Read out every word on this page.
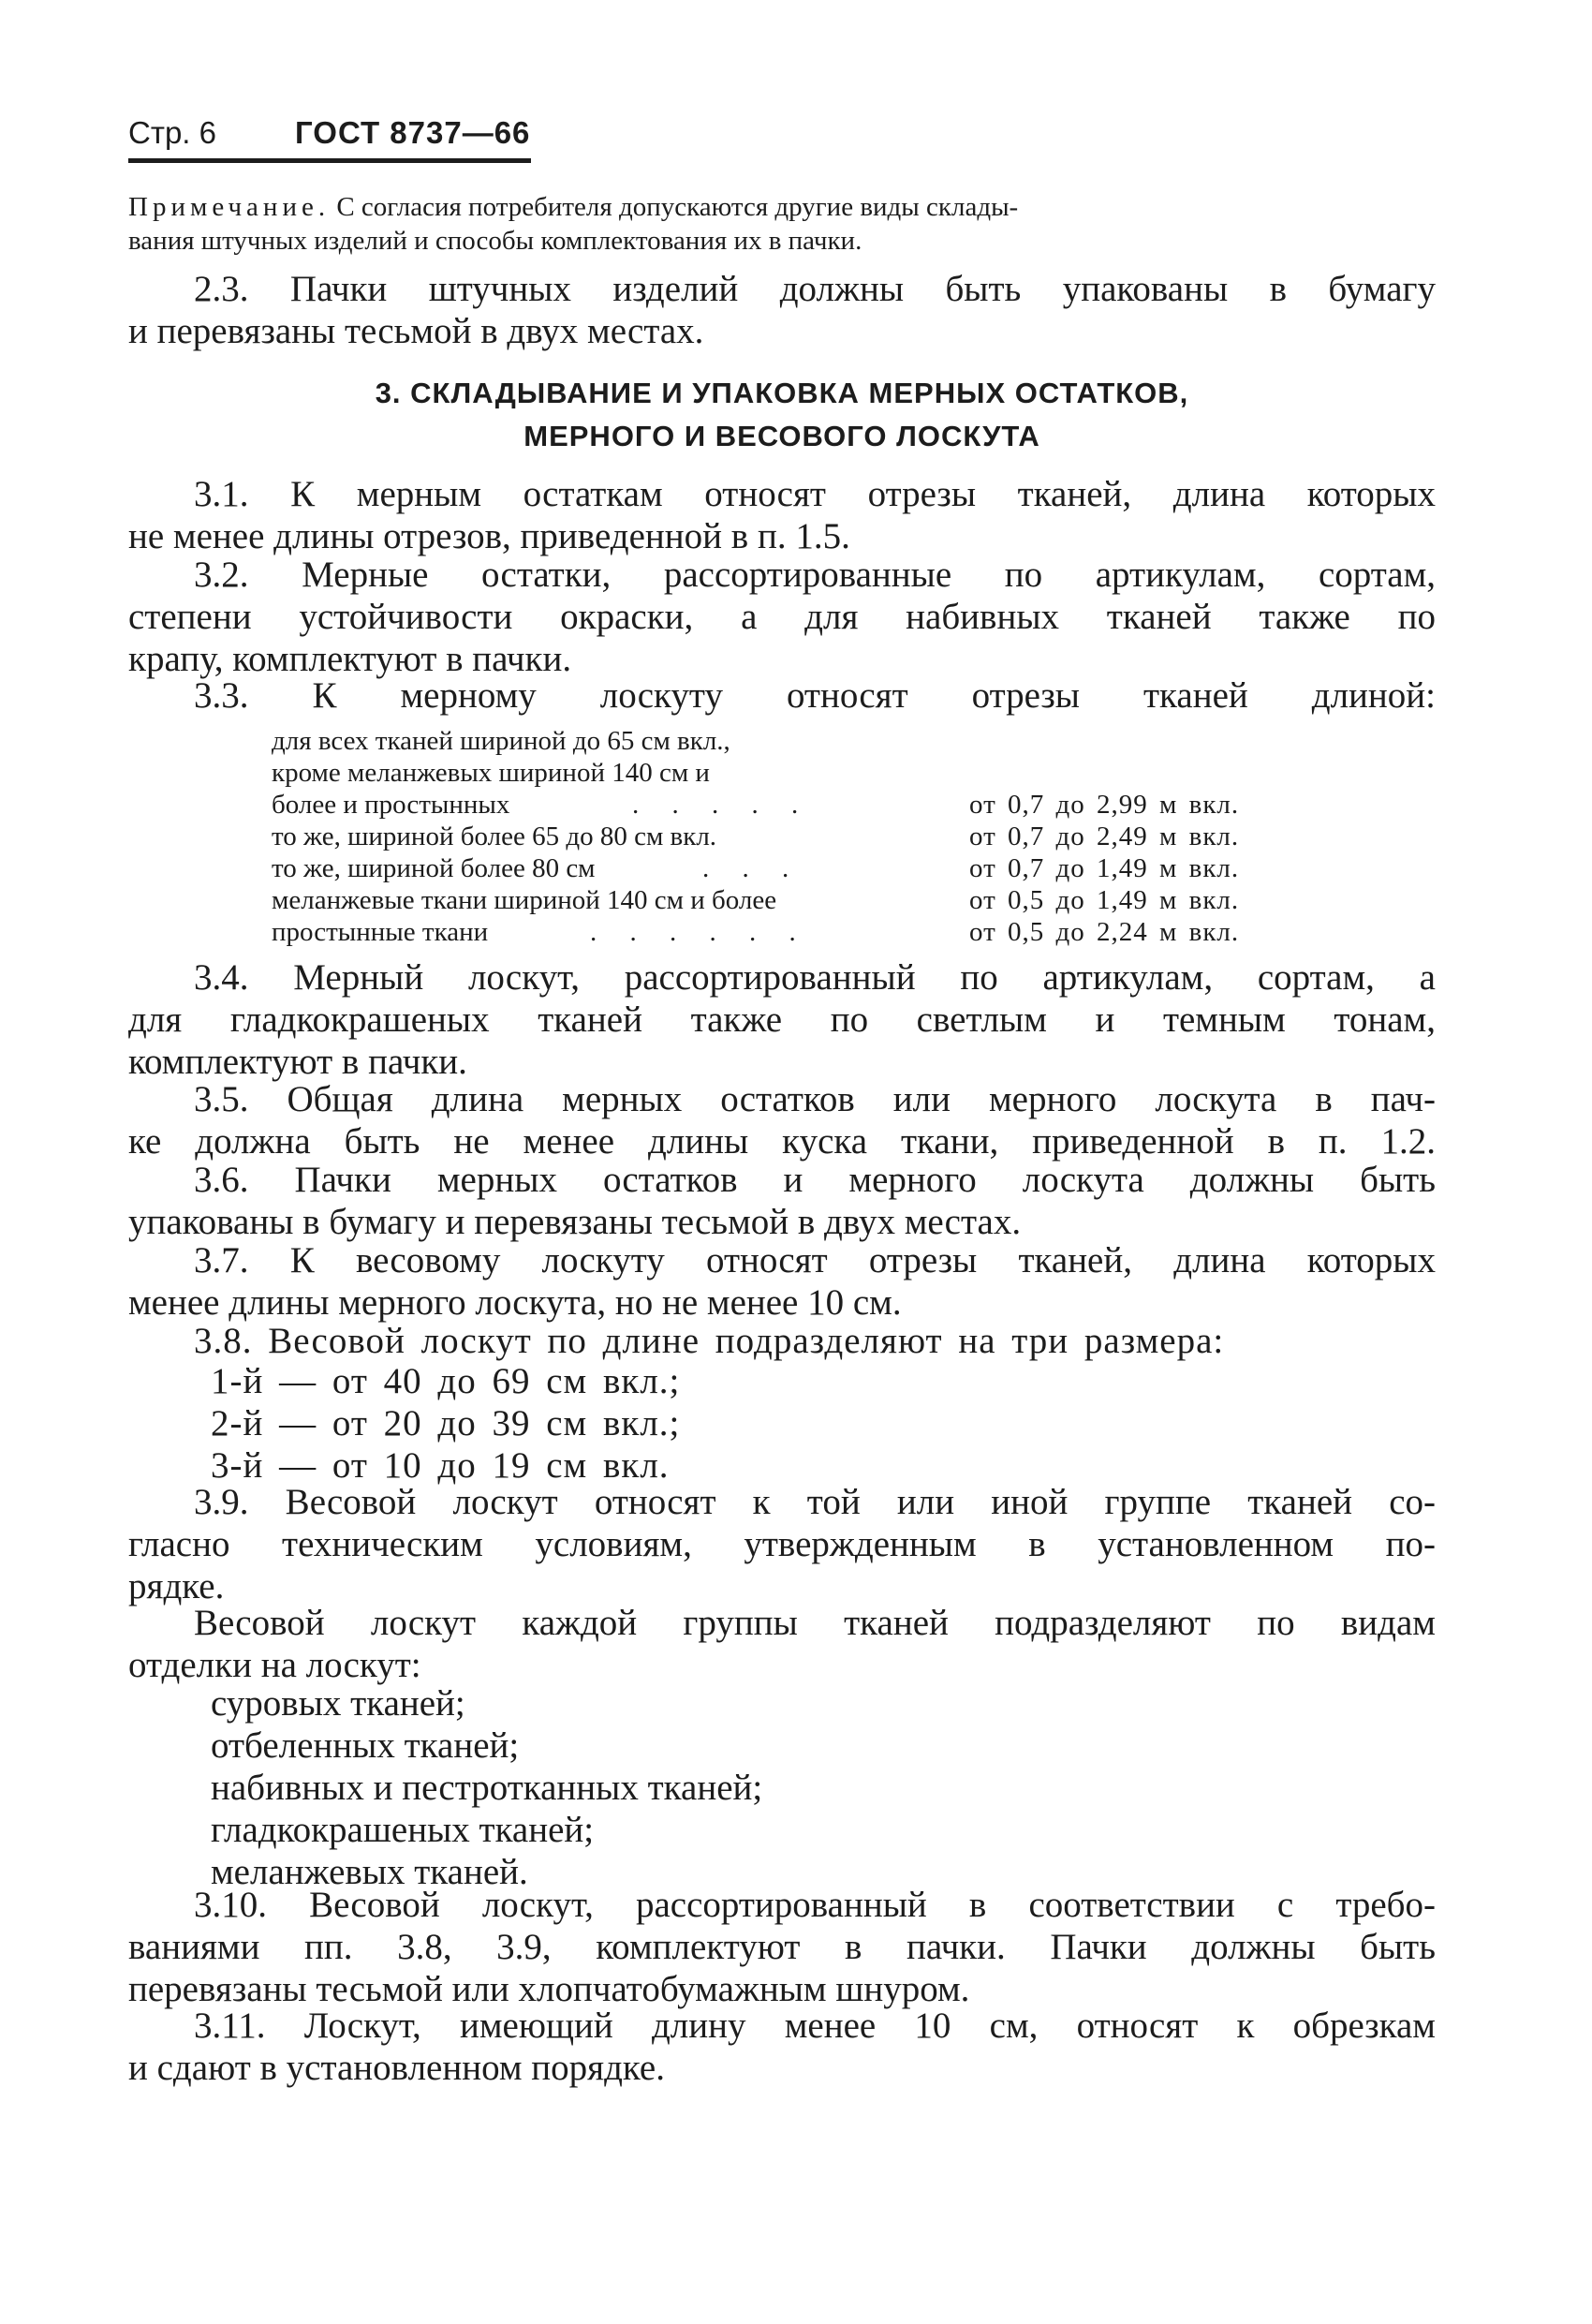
Стр. 6	ГОСТ 8737—66
Примечание. С согласия потребителя допускаются другие виды склады-
вания штучных изделий и способы комплектования их в пачки.
2.3. Пачки штучных изделий должны быть упакованы в бумагу
и перевязаны тесьмой в двух местах.
3. СКЛАДЫВАНИЕ И УПАКОВКА МЕРНЫХ ОСТАТКОВ,
МЕРНОГО И ВЕСОВОГО ЛОСКУТА
3.1. К мерным остаткам относят отрезы тканей, длина которых
не менее длины отрезов, приведенной в п. 1.5.
3.2. Мерные остатки, рассортированные по артикулам, сортам,
степени устойчивости окраски, а для набивных тканей также по
крапу, комплектуют в пачки.
3.3. К мерному лоскуту относят отрезы тканей длиной:
для всех тканей шириной до 65 см вкл.,
кроме меланжевых шириной 140 см и
более и простынных	. . . . .	от 0,7 до 2,99 м вкл.
то же, шириной более 65 до 80 см вкл.	от 0,7 до 2,49 м вкл.
то же, шириной более 80 см	. . .	от 0,7 до 1,49 м вкл.
меланжевые ткани шириной 140 см и более	от 0,5 до 1,49 м вкл.
простынные ткани	. . . . . .	от 0,5 до 2,24 м вкл.
3.4. Мерный лоскут, рассортированный по артикулам, сортам, а
для гладкокрашеных тканей также по светлым и темным тонам,
комплектуют в пачки.
3.5. Общая длина мерных остатков или мерного лоскута в пач-
ке должна быть не менее длины куска ткани, приведенной в п. 1.2.
3.6. Пачки мерных остатков и мерного лоскута должны быть
упакованы в бумагу и перевязаны тесьмой в двух местах.
3.7. К весовому лоскуту относят отрезы тканей, длина которых
менее длины мерного лоскута, но не менее 10 см.
3.8. Весовой лоскут по длине подразделяют на три размера:
1-й — от 40 до 69 см вкл.;
2-й — от 20 до 39 см вкл.;
3-й — от 10 до 19 см вкл.
3.9. Весовой лоскут относят к той или иной группе тканей со-
гласно техническим условиям, утвержденным в установленном по-
рядке.
Весовой лоскут каждой группы тканей подразделяют по видам
отделки на лоскут:
суровых тканей;
отбеленных тканей;
набивных и пестротканных тканей;
гладкокрашеных тканей;
меланжевых тканей.
3.10. Весовой лоскут, рассортированный в соответствии с требо-
ваниями пп. 3.8, 3.9, комплектуют в пачки. Пачки должны быть
перевязаны тесьмой или хлопчатобумажным шнуром.
3.11. Лоскут, имеющий длину менее 10 см, относят к обрезкам
и сдают в установленном порядке.
